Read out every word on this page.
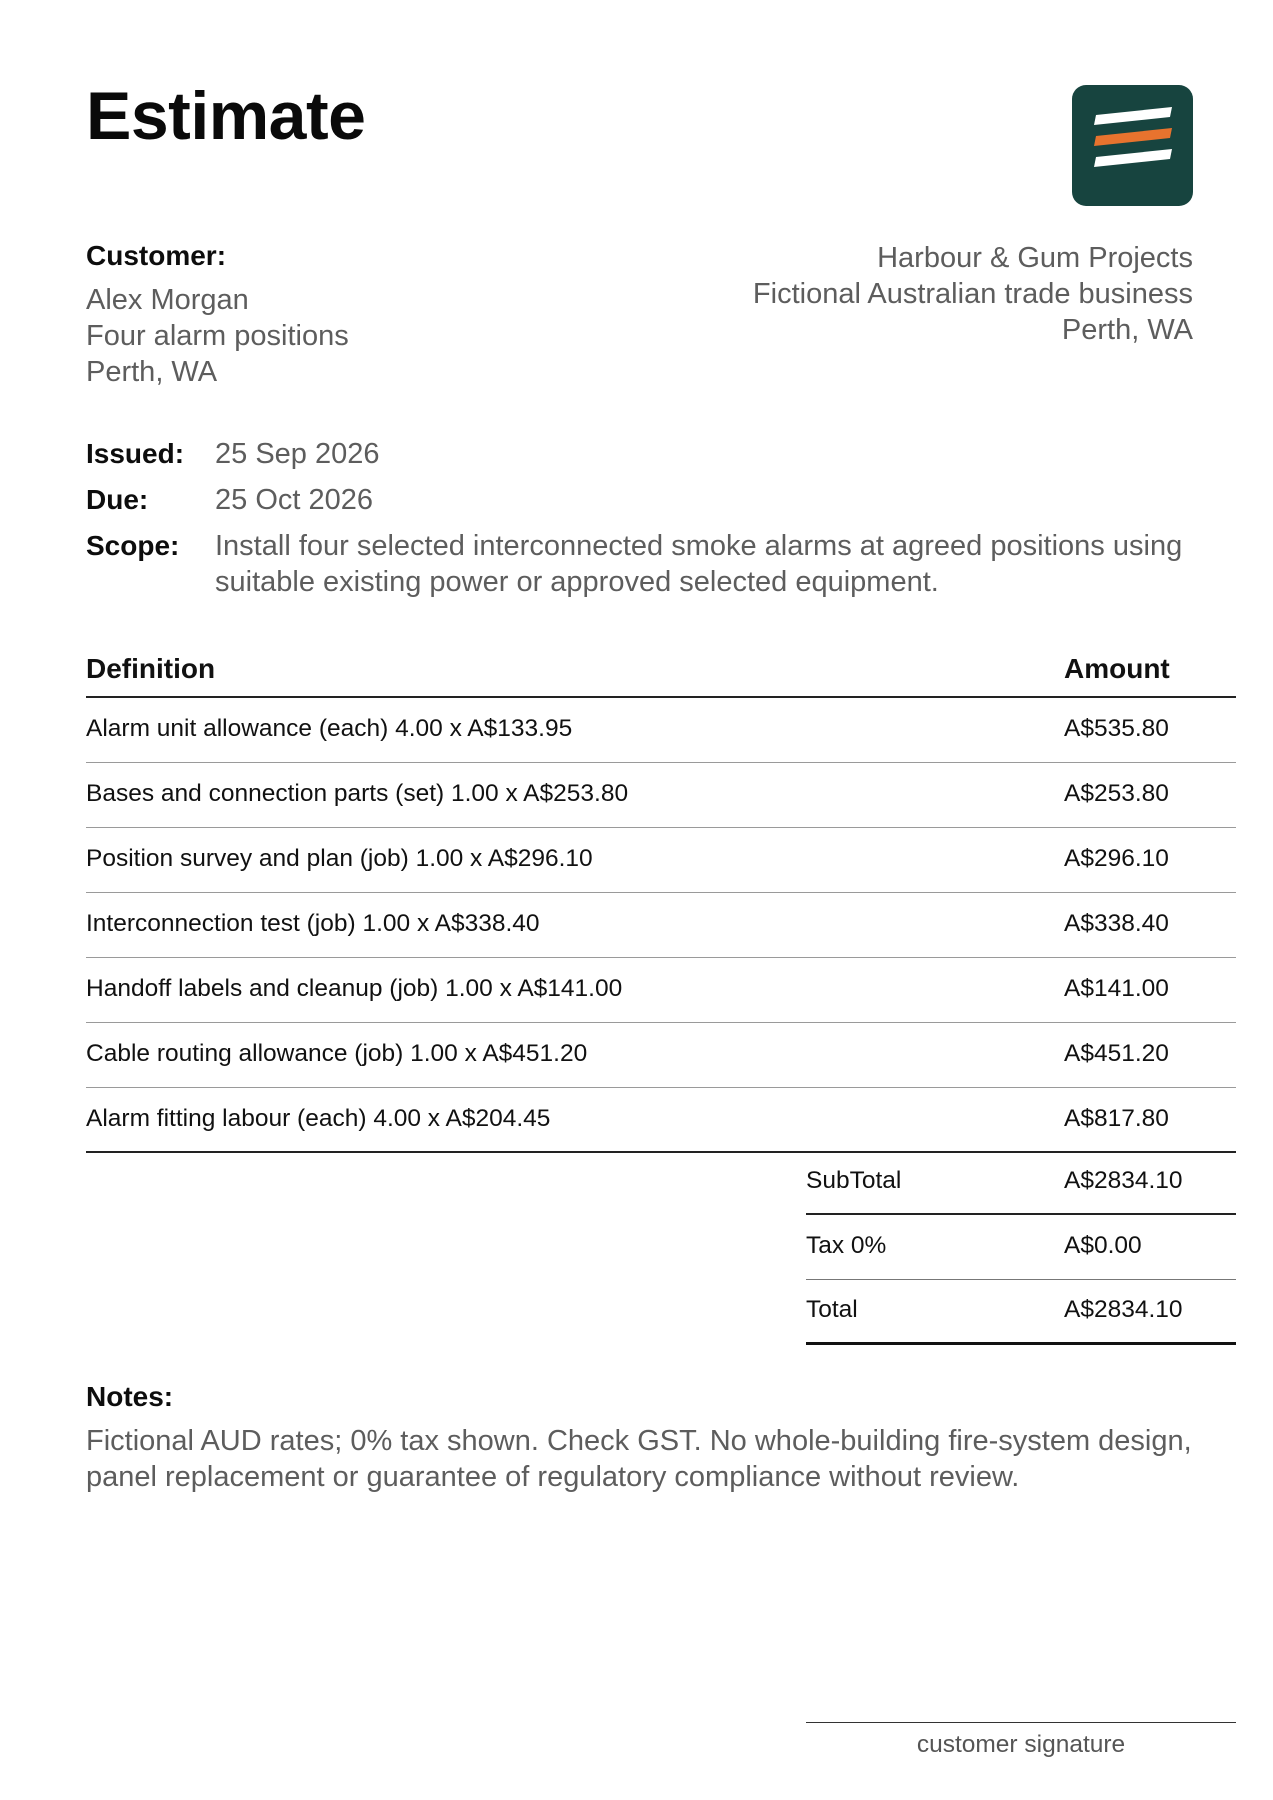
Estimate
Customer:
Alex Morgan
Four alarm positions
Perth, WA
Harbour & Gum Projects
Fictional Australian trade business
Perth, WA
Issued:	25 Sep 2026
Due:	25 Oct 2026
Scope:	Install four selected interconnected smoke alarms at agreed positions using suitable existing power or approved selected equipment.
Definition	Amount
Alarm unit allowance (each) 4.00 x A$133.95	A$535.80
Bases and connection parts (set) 1.00 x A$253.80	A$253.80
Position survey and plan (job) 1.00 x A$296.10	A$296.10
Interconnection test (job) 1.00 x A$338.40	A$338.40
Handoff labels and cleanup (job) 1.00 x A$141.00	A$141.00
Cable routing allowance (job) 1.00 x A$451.20	A$451.20
Alarm fitting labour (each) 4.00 x A$204.45	A$817.80
SubTotal	A$2834.10
Tax 0%	A$0.00
Total	A$2834.10
Notes:
Fictional AUD rates; 0% tax shown. Check GST. No whole-building fire-system design, panel replacement or guarantee of regulatory compliance without review.
customer signature
